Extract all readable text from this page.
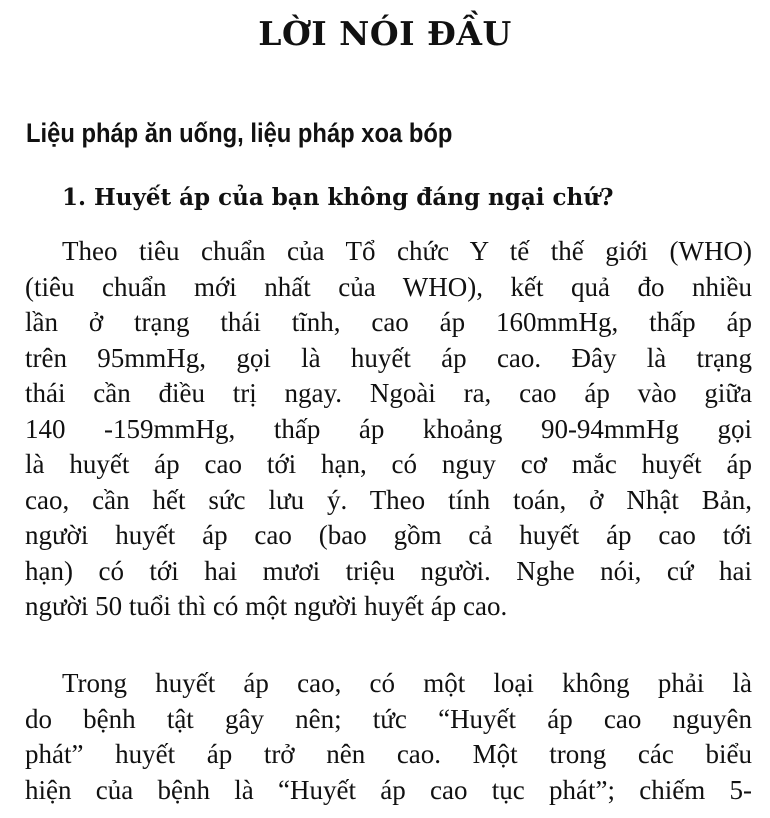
LỜI NÓI ĐẦU
Liệu pháp ăn uống, liệu pháp xoa bóp
1. Huyết áp của bạn không đáng ngại chứ?

Theo tiêu chuẩn của Tổ chức Y tế thế giới (WHO)
(tiêu chuẩn mới nhất của WHO), kết quả đo nhiều
lần ở trạng thái tĩnh, cao áp 160mmHg, thấp áp
trên 95mmHg, gọi là huyết áp cao. Đây là trạng
thái cần điều trị ngay. Ngoài ra, cao áp vào giữa
140 -159mmHg, thấp áp khoảng 90-94mmHg gọi
là huyết áp cao tới hạn, có nguy cơ mắc huyết áp
cao, cần hết sức lưu ý. Theo tính toán, ở Nhật Bản,
người huyết áp cao (bao gồm cả huyết áp cao tới
hạn) có tới hai mươi triệu người. Nghe nói, cứ hai
người 50 tuổi thì có một người huyết áp cao.

Trong huyết áp cao, có một loại không phải là
do bệnh tật gây nên; tức “Huyết áp cao nguyên
phát” huyết áp trở nên cao. Một trong các biểu
hiện của bệnh là “Huyết áp cao tục phát”; chiếm 5-
